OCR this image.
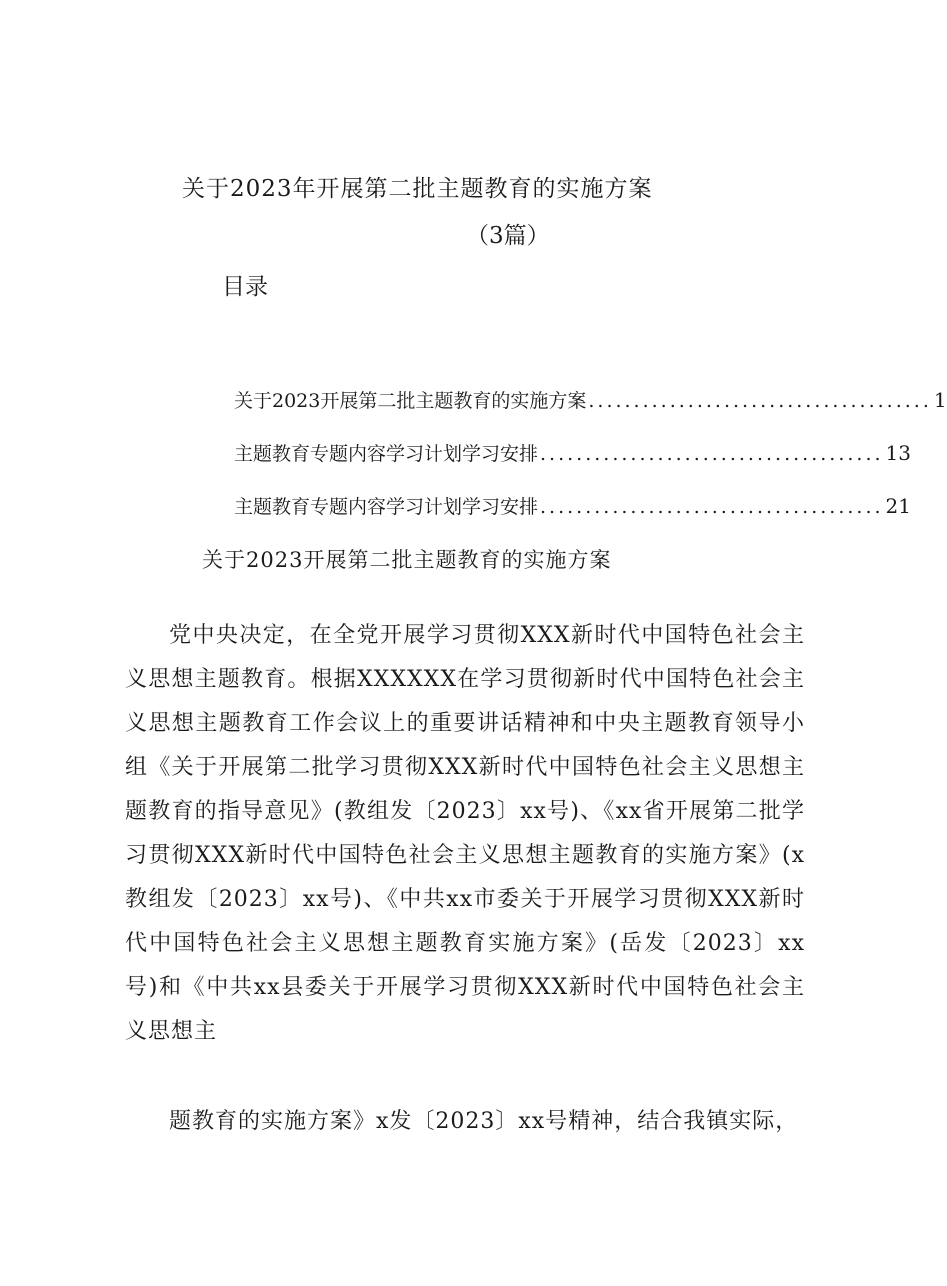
关于2023年开展第二批主题教育的实施方案
（3篇）
目录
关于2023开展第二批主题教育的实施方案 ...................................... 1
主题教育专题内容学习计划学习安排 ...................................... 13
主题教育专题内容学习计划学习安排 ...................................... 21
关于2023开展第二批主题教育的实施方案

党中央决定，在全党开展学习贯彻XXX新时代中国特色社会主义思想主题教育。根据XXXXXX在学习贯彻新时代中国特色社会主义思想主题教育工作会议上的重要讲话精神和中央主题教育领导小组《关于开展第二批学习贯彻XXX新时代中国特色社会主义思想主题教育的指导意见》(教组发〔2023〕xx号)、《xx省开展第二批学习贯彻XXX新时代中国特色社会主义思想主题教育的实施方案》(x教组发〔2023〕xx号)、《中共xx市委关于开展学习贯彻XXX新时代中国特色社会主义思想主题教育实施方案》(岳发〔2023〕xx号)和《中共xx县委关于开展学习贯彻XXX新时代中国特色社会主义思想主

题教育的实施方案》x发〔2023〕xx号精神，结合我镇实际，
